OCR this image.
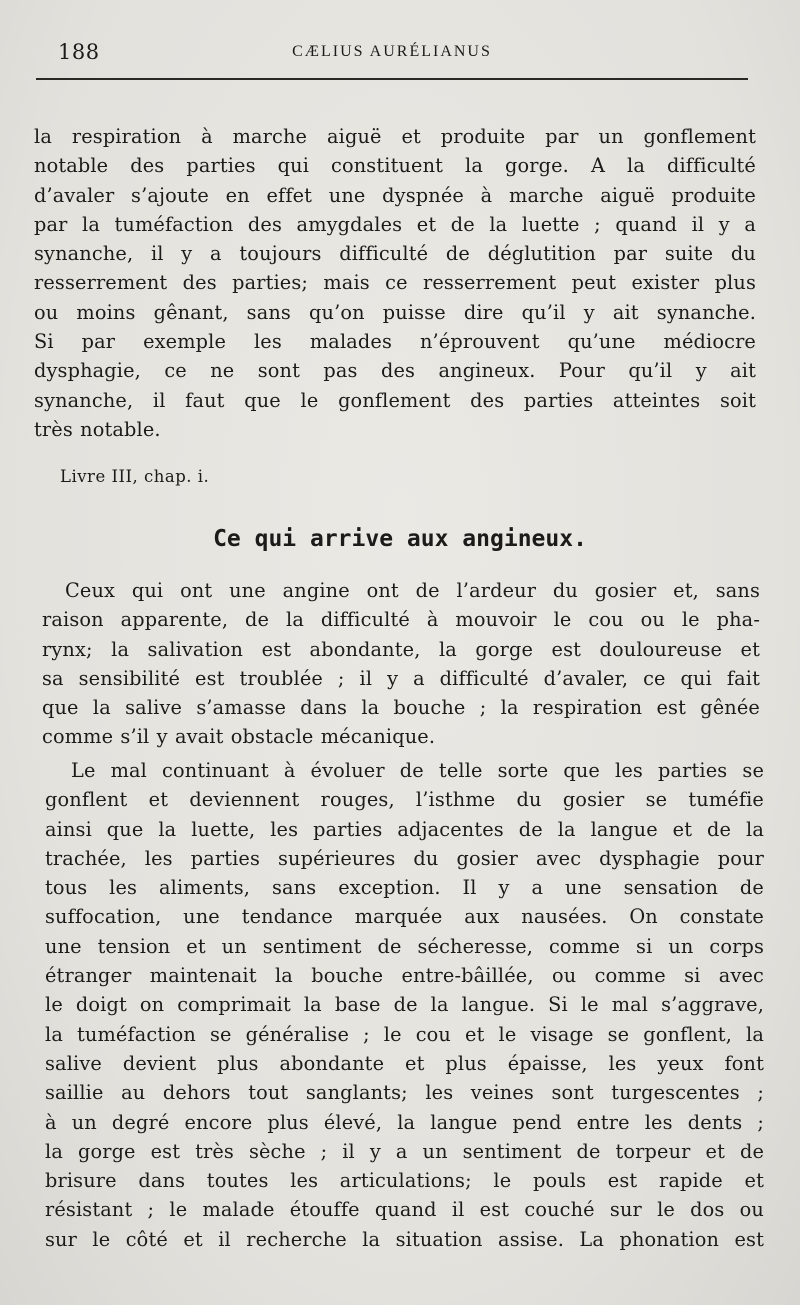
188	CÆLIUS AURÉLIANUS
la respiration à marche aiguë et produite par un gonflement
notable des parties qui constituent la gorge. A la difficulté
d’avaler s’ajoute en effet une dyspnée à marche aiguë produite
par la tuméfaction des amygdales et de la luette ; quand il y a
synanche, il y a toujours difficulté de déglutition par suite du
resserrement des parties; mais ce resserrement peut exister plus
ou moins gênant, sans qu’on puisse dire qu’il y ait synanche.
Si par exemple les malades n’éprouvent qu’une médiocre
dysphagie, ce ne sont pas des angineux. Pour qu’il y ait
synanche, il faut que le gonflement des parties atteintes soit
très notable.
Livre III, chap. i.
Ce qui arrive aux angineux.
Ceux qui ont une angine ont de l’ardeur du gosier et, sans
raison apparente, de la difficulté à mouvoir le cou ou le pha-
rynx; la salivation est abondante, la gorge est douloureuse et
sa sensibilité est troublée ; il y a difficulté d’avaler, ce qui fait
que la salive s’amasse dans la bouche ; la respiration est gênée
comme s’il y avait obstacle mécanique.
Le mal continuant à évoluer de telle sorte que les parties se
gonflent et deviennent rouges, l’isthme du gosier se tuméfie
ainsi que la luette, les parties adjacentes de la langue et de la
trachée, les parties supérieures du gosier avec dysphagie pour
tous les aliments, sans exception. Il y a une sensation de
suffocation, une tendance marquée aux nausées. On constate
une tension et un sentiment de sécheresse, comme si un corps
étranger maintenait la bouche entre-bâillée, ou comme si avec
le doigt on comprimait la base de la langue. Si le mal s’aggrave,
la tuméfaction se généralise ; le cou et le visage se gonflent, la
salive devient plus abondante et plus épaisse, les yeux font
saillie au dehors tout sanglants; les veines sont turgescentes ;
à un degré encore plus élevé, la langue pend entre les dents ;
la gorge est très sèche ; il y a un sentiment de torpeur et de
brisure dans toutes les articulations; le pouls est rapide et
résistant ; le malade étouffe quand il est couché sur le dos ou
sur le côté et il recherche la situation assise. La phonation est
